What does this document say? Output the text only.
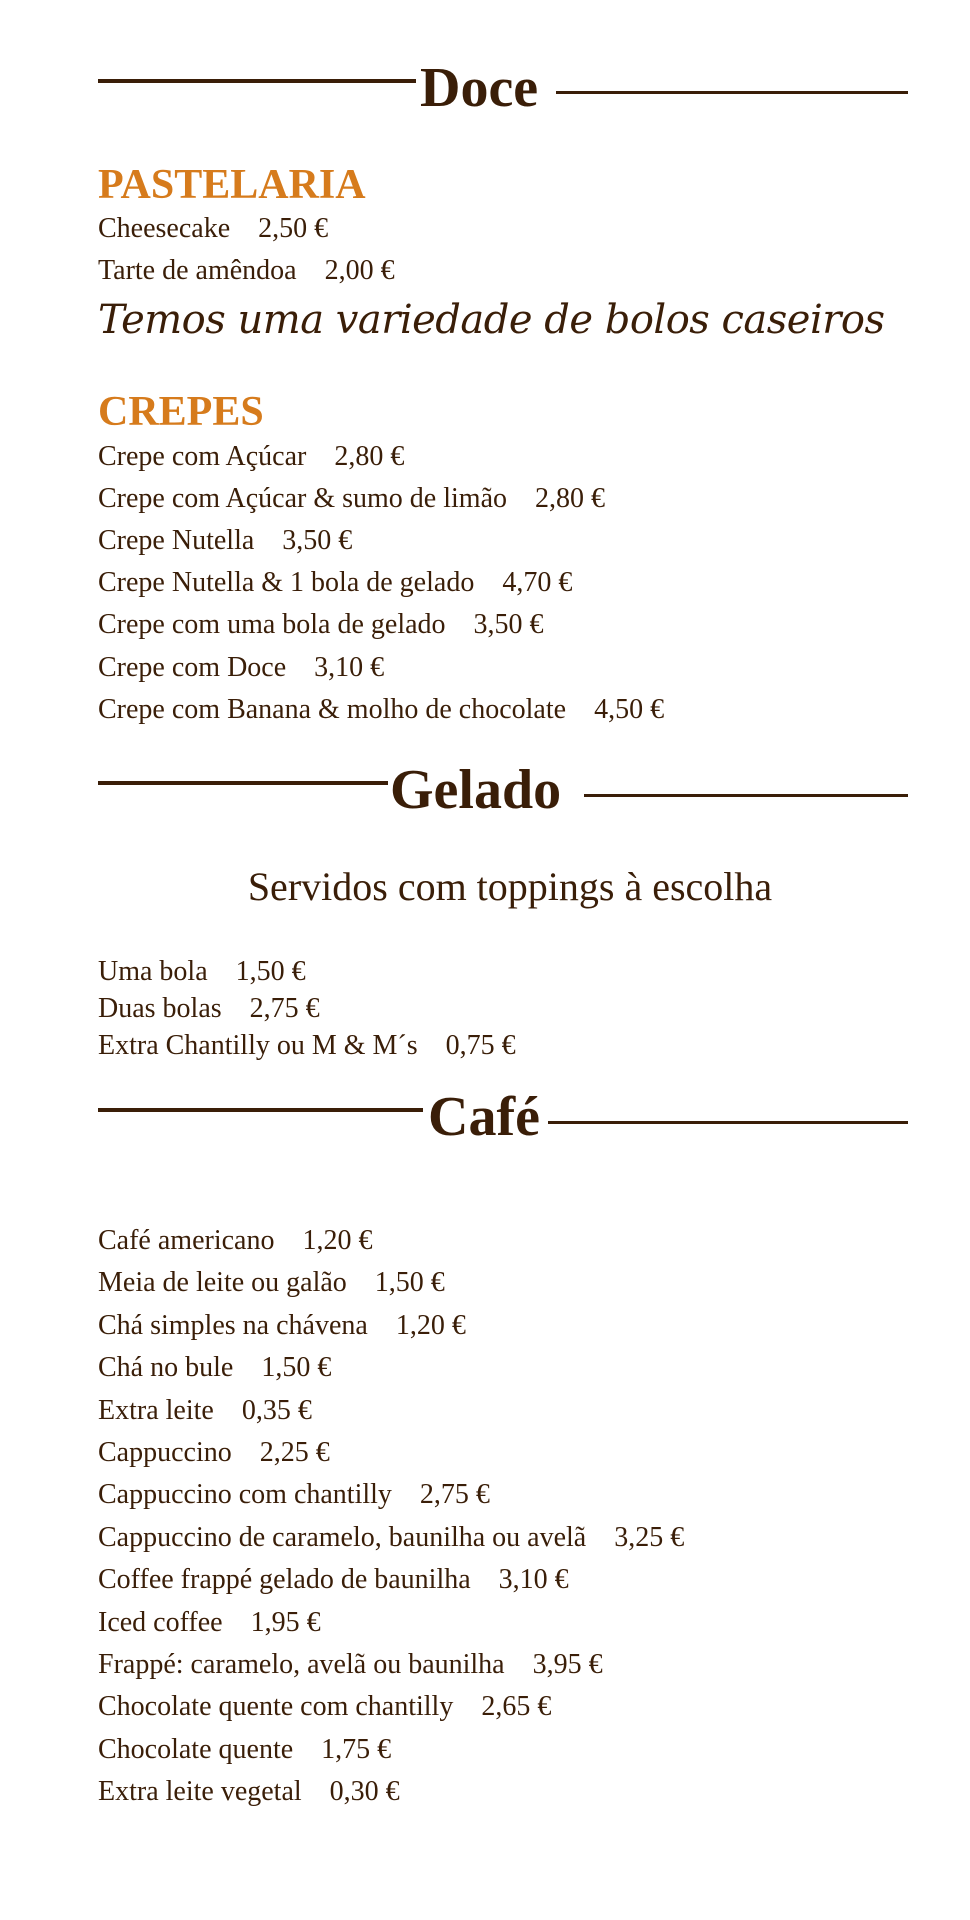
Doce
PASTELARIA
Cheesecake 2,50 €
Tarte de amêndoa 2,00 €
Temos uma variedade de bolos caseiros
CREPES
Crepe com Açúcar 2,80 €
Crepe com Açúcar & sumo de limão 2,80 €
Crepe Nutella 3,50 €
Crepe Nutella & 1 bola de gelado 4,70 €
Crepe com uma bola de gelado 3,50 €
Crepe com Doce 3,10 €
Crepe com Banana & molho de chocolate 4,50 €
Gelado
Servidos com toppings à escolha
Uma bola 1,50 €
Duas bolas 2,75 €
Extra Chantilly ou M & M´s 0,75 €
Café
Café americano 1,20 €
Meia de leite ou galão 1,50 €
Chá simples na chávena 1,20 €
Chá no bule 1,50 €
Extra leite 0,35 €
Cappuccino 2,25 €
Cappuccino com chantilly 2,75 €
Cappuccino de caramelo, baunilha ou avelã 3,25 €
Coffee frappé gelado de baunilha 3,10 €
Iced coffee 1,95 €
Frappé: caramelo, avelã ou baunilha 3,95 €
Chocolate quente com chantilly 2,65 €
Chocolate quente 1,75 €
Extra leite vegetal 0,30 €
